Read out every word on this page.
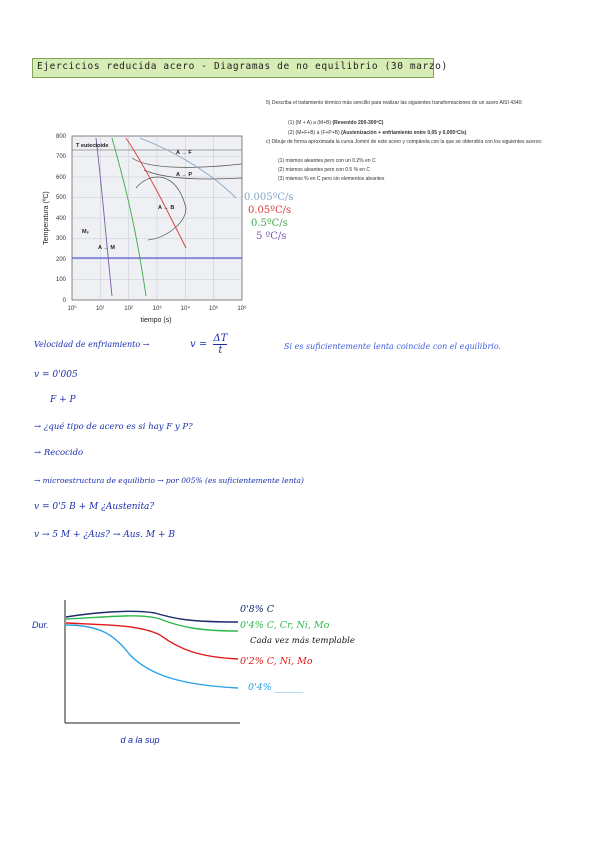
Ejercicios reducida acero - Diagramas de no equilibrio (30 marzo)
5) Describa el tratamiento térmico más sencillo para realizar las siguientes transformaciones de un acero AISI 4340:
(1) (M + A) a (M+B) (Revenido 200-300ºC)
(2) (M+F+B) a (F+P+B) (Austenización + enfriamiento entre 0,05 y 0,005ºC/s)
c) Dibuje de forma aproximada la curva Jominí de este acero y compárela con la que se obtendría con los siguientes aceros:
(1) mismos aleantes pero con un 0.2% en C
(2) mismos aleantes pero con 0.5 % en C
(3) mismos % en C pero sin elementos aleantes
800
700
600
500
400
300
200
100
0
10⁰	10¹	10²	10³	10⁴	10⁵	10⁶
tiempo (s)
Temperatura (ºC)
T eutectoide
A → F
A → P
A → B
A → M
Mₛ
0.005ºC/s
0.05ºC/s
0.5ºC/s
5 ºC/s
Velocidad de enfriamiento →	$v = \frac{\Delta T}{t}$	Si es suficientemente lenta coincide con el equilibrio.
v = 0'005
F + P
→ ¿qué tipo de acero es si hay F y P?
→ Recocido
→ microestructura de equilibrio → por 005% (es suficientemente lenta)
v = 0'5 B + M ¿Austenita?
v → 5 M + ¿Aus? → Aus. M + B
Dur.
d a la sup
0'8% C
0'4% C, Cr, Ni, Mo
Cada vez más templable
0'2% C, Ni, Mo
0'4% ______
